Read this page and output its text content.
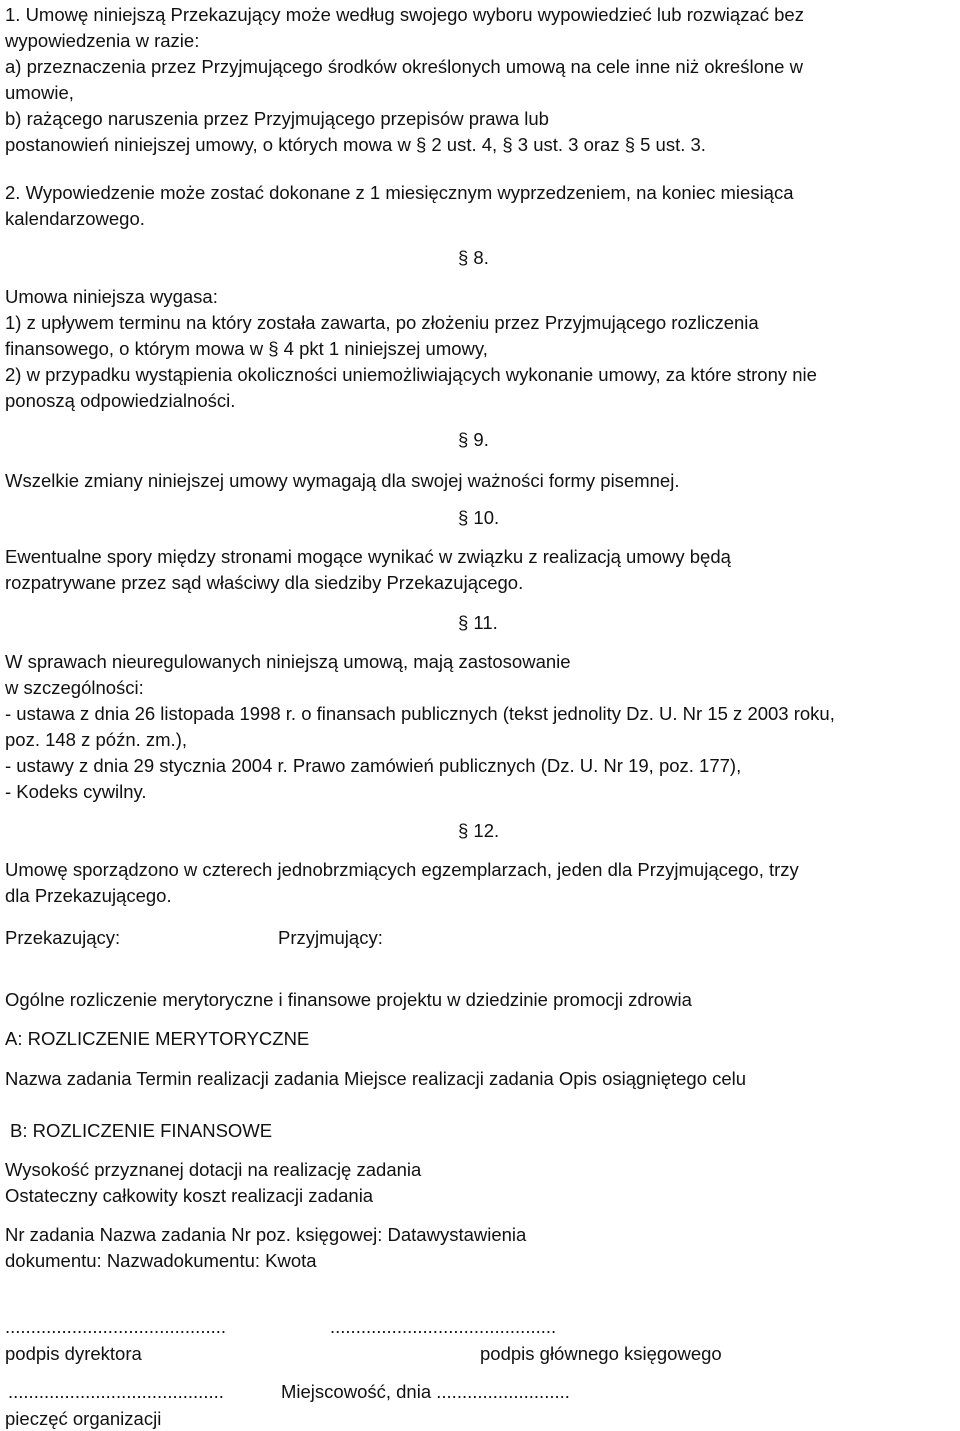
1. Umowę niniejszą Przekazujący może według swojego wyboru wypowiedzieć lub rozwiązać bez
wypowiedzenia w razie:
a) przeznaczenia przez Przyjmującego środków określonych umową na cele inne niż określone w
umowie,
b) rażącego naruszenia przez Przyjmującego przepisów prawa lub
postanowień niniejszej umowy, o których mowa w § 2 ust. 4, § 3 ust. 3 oraz § 5 ust. 3.
2. Wypowiedzenie może zostać dokonane z 1 miesięcznym wyprzedzeniem, na koniec miesiąca
kalendarzowego.
§ 8.
Umowa niniejsza wygasa:
1) z upływem terminu na który została zawarta, po złożeniu przez Przyjmującego rozliczenia
finansowego, o którym mowa w § 4 pkt 1 niniejszej umowy,
2) w przypadku wystąpienia okoliczności uniemożliwiających wykonanie umowy, za które strony nie
ponoszą odpowiedzialności.
§ 9.
Wszelkie zmiany niniejszej umowy wymagają dla swojej ważności formy pisemnej.
§ 10.
Ewentualne spory między stronami mogące wynikać w związku z realizacją umowy będą
rozpatrywane przez sąd właściwy dla siedziby Przekazującego.
§ 11.
W sprawach nieuregulowanych niniejszą umową, mają zastosowanie
w szczególności:
- ustawa z dnia 26 listopada 1998 r. o finansach publicznych (tekst jednolity Dz. U. Nr 15 z 2003 roku,
poz. 148 z późn. zm.),
- ustawy z dnia 29 stycznia 2004 r. Prawo zamówień publicznych (Dz. U. Nr 19, poz. 177),
- Kodeks cywilny.
§ 12.
Umowę sporządzono w czterech jednobrzmiących egzemplarzach, jeden dla Przyjmującego, trzy
dla Przekazującego.
Przekazujący:	Przyjmujący:
Ogólne rozliczenie merytoryczne i finansowe projektu w dziedzinie promocji zdrowia
A: ROZLICZENIE MERYTORYCZNE
Nazwa zadania Termin realizacji zadania Miejsce realizacji zadania Opis osiągniętego celu
B: ROZLICZENIE FINANSOWE
Wysokość przyznanej dotacji na realizację zadania
Ostateczny całkowity koszt realizacji zadania
Nr zadania Nazwa zadania Nr poz. księgowej: Datawystawienia
dokumentu: Nazwadokumentu: Kwota
...........................................	............................................
podpis dyrektora	podpis głównego księgowego
..........................................	Miejscowość, dnia ..........................
pieczęć organizacji
